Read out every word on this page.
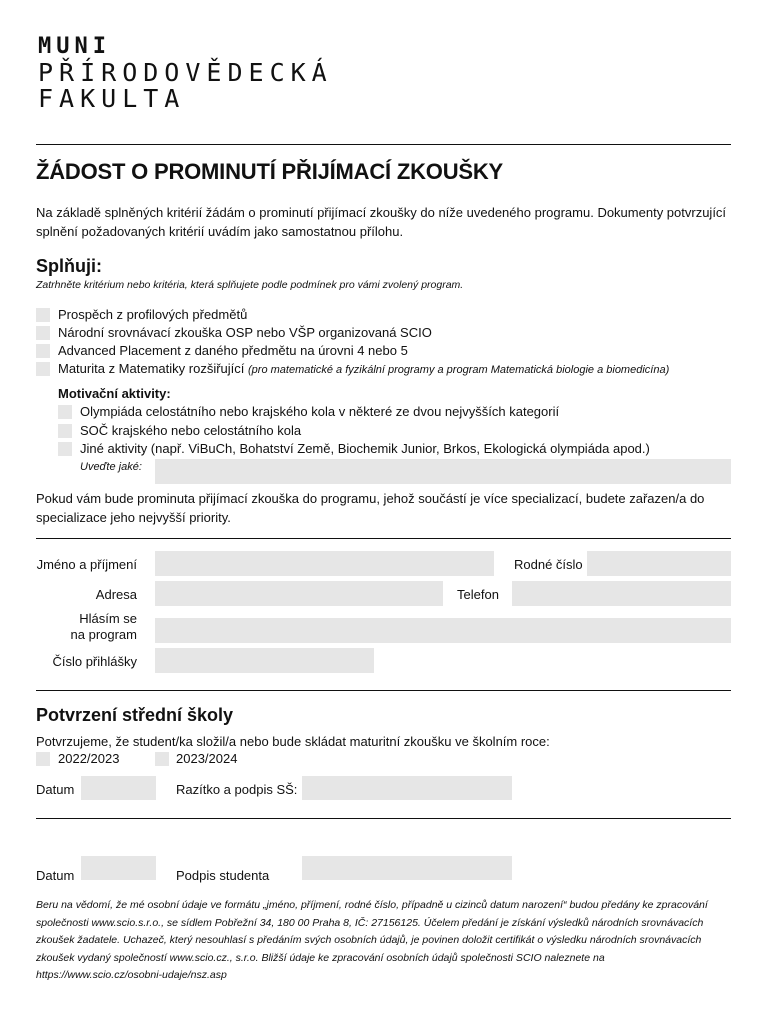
MUNI
PŘÍRODOVĚDECKÁ
FAKULTA
ŽÁDOST O PROMINUTÍ PŘIJÍMACÍ ZKOUŠKY
Na základě splněných kritérií žádám o prominutí přijímací zkoušky do níže uvedeného programu. Dokumenty potvrzující splnění požadovaných kritérií uvádím jako samostatnou přílohu.
Splňuji:
Zatrhněte kritérium nebo kritéria, která splňujete podle podmínek pro vámi zvolený program.
Prospěch z profilových předmětů
Národní srovnávací zkouška OSP nebo VŠP organizovaná SCIO
Advanced Placement z daného předmětu na úrovni 4 nebo 5
Maturita z Matematiky rozšiřující (pro matematické a fyzikální programy a program Matematická biologie a biomedicína)
Motivační aktivity:
Olympiáda celostátního nebo krajského kola v některé ze dvou nejvyšších kategorií
SOČ krajského nebo celostátního kola
Jiné aktivity (např. ViBuCh, Bohatství Země, Biochemik Junior, Brkos, Ekologická olympiáda apod.)
Uveďte jaké:
Pokud vám bude prominuta přijímací zkouška do programu, jehož součástí je více specializací, budete zařazen/a do specializace jeho nejvyšší priority.
Jméno a příjmení	Rodné číslo
Adresa	Telefon
Hlásím se
na program
Číslo přihlášky
Potvrzení střední školy
Potvrzujeme, že student/ka složil/a nebo bude skládat maturitní zkoušku ve školním roce:
2022/2023	2023/2024
Datum	Razítko a podpis SŠ:
Datum	Podpis studenta
Beru na vědomí, že mé osobní údaje ve formátu „jméno, příjmení, rodné číslo, případně u cizinců datum narození“ budou předány ke zpracování společnosti www.scio.s.r.o., se sídlem Pobřežní 34, 180 00 Praha 8, IČ: 27156125. Účelem předání je získání výsledků národních srovnávacích zkoušek žadatele. Uchazeč, který nesouhlasí s předáním svých osobních údajů, je povinen doložit certifikát o výsledku národních srovnávacích zkoušek vydaný společností www.scio.cz., s.r.o. Bližší údaje ke zpracování osobních údajů společnosti SCIO naleznete na https://www.scio.cz/osobni-udaje/nsz.asp
